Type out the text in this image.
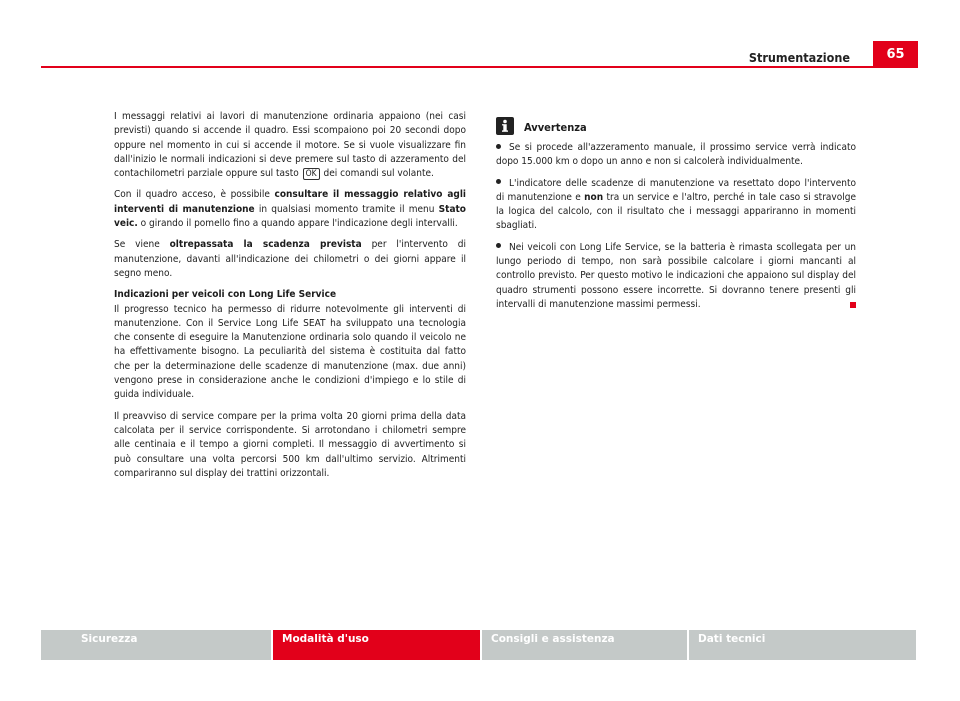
Strumentazione	65

I messaggi relativi ai lavori di manutenzione ordinaria appaiono (nei casi previsti) quando si accende il quadro. Essi scompaiono poi 20 secondi dopo oppure nel momento in cui si accende il motore. Se si vuole visualizzare fin dall'inizio le normali indicazioni si deve premere sul tasto di azzeramento del contachilometri parziale oppure sul tasto OK dei comandi sul volante.

Con il quadro acceso, è possibile consultare il messaggio relativo agli interventi di manutenzione in qualsiasi momento tramite il menu Stato veic. o girando il pomello fino a quando appare l'indicazione degli intervalli.

Se viene oltrepassata la scadenza prevista per l'intervento di manutenzione, davanti all'indicazione dei chilometri o dei giorni appare il segno meno.

Indicazioni per veicoli con Long Life Service

Il progresso tecnico ha permesso di ridurre notevolmente gli interventi di manutenzione. Con il Service Long Life SEAT ha sviluppato una tecnologia che consente di eseguire la Manutenzione ordinaria solo quando il veicolo ne ha effettivamente bisogno. La peculiarità del sistema è costituita dal fatto che per la determinazione delle scadenze di manutenzione (max. due anni) vengono prese in considerazione anche le condizioni d'impiego e lo stile di guida individuale.

Il preavviso di service compare per la prima volta 20 giorni prima della data calcolata per il service corrispondente. Si arrotondano i chilometri sempre alle centinaia e il tempo a giorni completi. Il messaggio di avvertimento si può consultare una volta percorsi 500 km dall'ultimo servizio. Altrimenti compariranno sul display dei trattini orizzontali.

Avvertenza

Se si procede all'azzeramento manuale, il prossimo service verrà indicato dopo 15.000 km o dopo un anno e non si calcolerà individualmente.

L'indicatore delle scadenze di manutenzione va resettato dopo l'intervento di manutenzione e non tra un service e l'altro, perché in tale caso si stravolge la logica del calcolo, con il risultato che i messaggi appariranno in momenti sbagliati.

Nei veicoli con Long Life Service, se la batteria è rimasta scollegata per un lungo periodo di tempo, non sarà possibile calcolare i giorni mancanti al controllo previsto. Per questo motivo le indicazioni che appaiono sul display del quadro strumenti possono essere incorrette. Si dovranno tenere presenti gli intervalli di manutenzione massimi permessi.

Sicurezza	Modalità d'uso	Consigli e assistenza	Dati tecnici
